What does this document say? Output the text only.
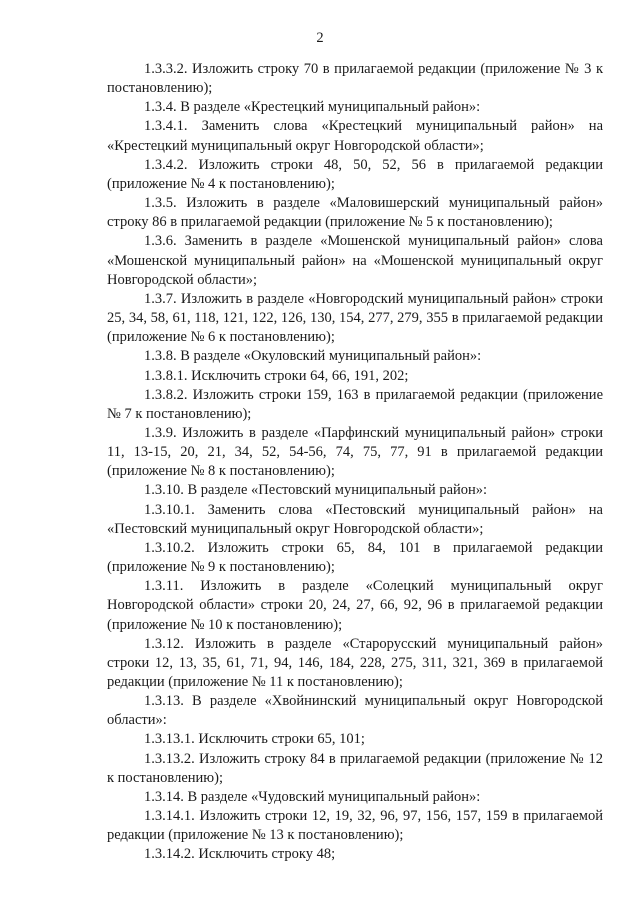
2

1.3.3.2. Изложить строку 70 в прилагаемой редакции (приложение № 3 к постановлению);

1.3.4. В разделе «Крестецкий муниципальный район»:

1.3.4.1. Заменить слова «Крестецкий муниципальный район» на «Крестецкий муниципальный округ Новгородской области»;

1.3.4.2. Изложить строки 48, 50, 52, 56 в прилагаемой редакции (приложение № 4 к постановлению);

1.3.5. Изложить в разделе «Маловишерский муниципальный район» строку 86 в прилагаемой редакции (приложение № 5 к постановлению);

1.3.6. Заменить в разделе «Мошенской муниципальный район» слова «Мошенской муниципальный район» на «Мошенской муниципальный округ Новгородской области»;

1.3.7. Изложить в разделе «Новгородский муниципальный район» строки 25, 34, 58, 61, 118, 121, 122, 126, 130, 154, 277, 279, 355 в прилагаемой редакции (приложение № 6 к постановлению);

1.3.8. В разделе «Окуловский муниципальный район»:

1.3.8.1. Исключить строки 64, 66, 191, 202;

1.3.8.2. Изложить строки 159, 163 в прилагаемой редакции (приложение № 7 к постановлению);

1.3.9. Изложить в разделе «Парфинский муниципальный район» строки 11, 13-15, 20, 21, 34, 52, 54-56, 74, 75, 77, 91 в прилагаемой редакции (приложение № 8 к постановлению);

1.3.10. В разделе «Пестовский муниципальный район»:

1.3.10.1. Заменить слова «Пестовский муниципальный район» на «Пестовский муниципальный округ Новгородской области»;

1.3.10.2. Изложить строки 65, 84, 101 в прилагаемой редакции (приложение № 9 к постановлению);

1.3.11. Изложить в разделе «Солецкий муниципальный округ Новгородской области» строки 20, 24, 27, 66, 92, 96 в прилагаемой редакции (приложение № 10 к постановлению);

1.3.12. Изложить в разделе «Старорусский муниципальный район» строки 12, 13, 35, 61, 71, 94, 146, 184, 228, 275, 311, 321, 369 в прилагаемой редакции (приложение № 11 к постановлению);

1.3.13. В разделе «Хвойнинский муниципальный округ Новгородской области»:

1.3.13.1. Исключить строки 65, 101;

1.3.13.2. Изложить строку 84 в прилагаемой редакции (приложение № 12 к постановлению);

1.3.14. В разделе «Чудовский муниципальный район»:

1.3.14.1. Изложить строки 12, 19, 32, 96, 97, 156, 157, 159 в прилагаемой редакции (приложение № 13 к постановлению);

1.3.14.2. Исключить строку 48;
